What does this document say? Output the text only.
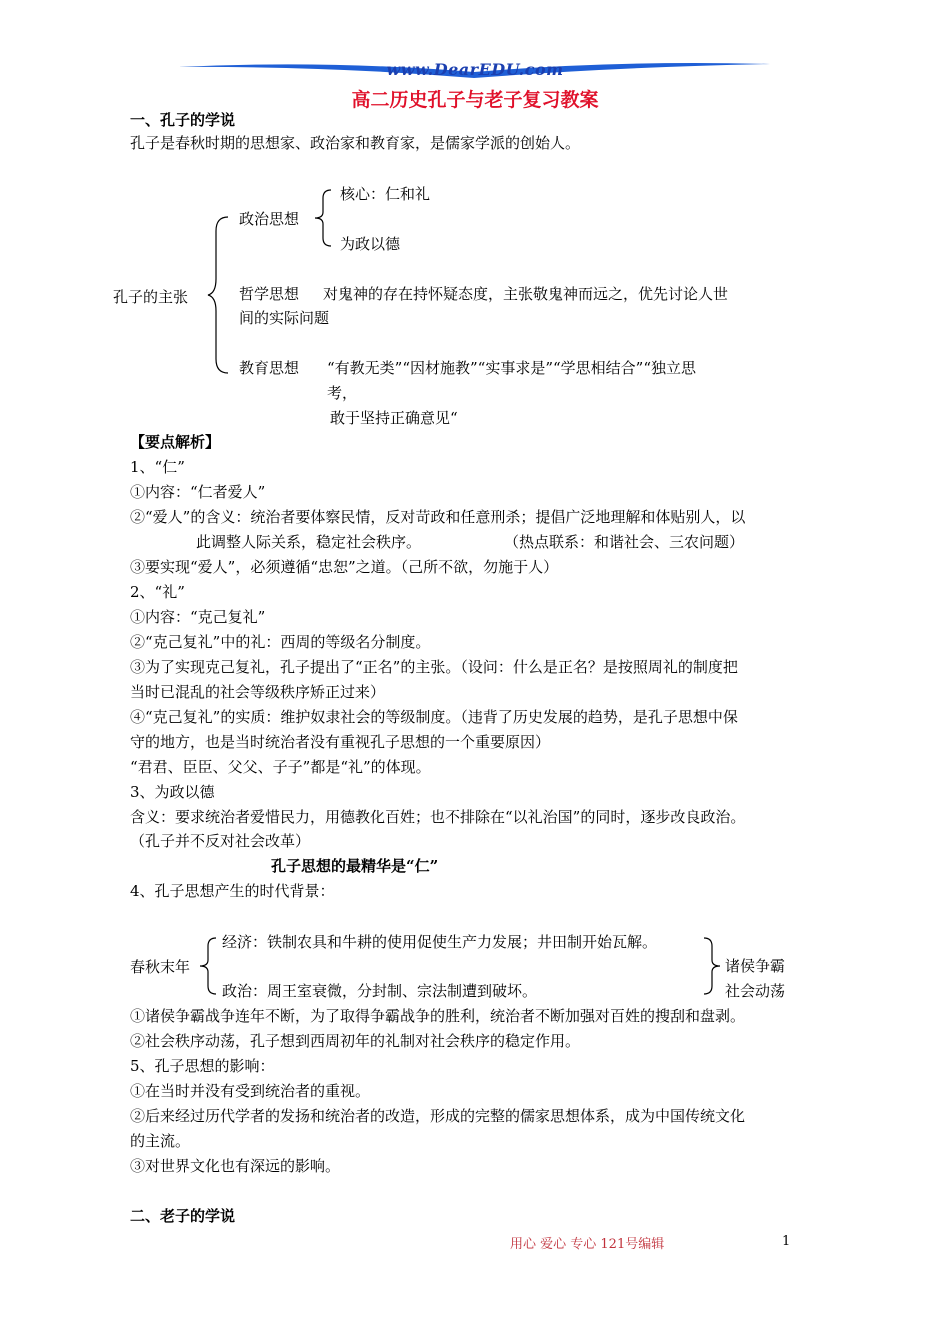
www.DearEDU.com
高二历史孔子与老子复习教案
一、孔子的学说
孔子是春秋时期的思想家、政治家和教育家，是儒家学派的创始人。
孔子的主张
政治思想
核心：仁和礼
为政以德
哲学思想 对鬼神的存在持怀疑态度，主张敬鬼神而远之，优先讨论人世
间的实际问题
教育思想 “有教无类”“因材施教”“实事求是”“学思相结合”“独立思
考，
敢于坚持正确意见“
【要点解析】
1、“仁”
①内容：“仁者爱人”
②“爱人”的含义：统治者要体察民情，反对苛政和任意刑杀；提倡广泛地理解和体贴别人，以
此调整人际关系，稳定社会秩序。	（热点联系：和谐社会、三农问题）
③要实现“爱人”，必须遵循“忠恕”之道。（己所不欲，勿施于人）
2、“礼”
①内容：“克己复礼”
②“克己复礼”中的礼：西周的等级名分制度。
③为了实现克己复礼，孔子提出了“正名”的主张。（设问：什么是正名？是按照周礼的制度把
当时已混乱的社会等级秩序矫正过来）
④“克己复礼”的实质：维护奴隶社会的等级制度。（违背了历史发展的趋势，是孔子思想中保
守的地方，也是当时统治者没有重视孔子思想的一个重要原因）
“君君、臣臣、父父、子子”都是“礼”的体现。
3、为政以德
含义：要求统治者爱惜民力，用德教化百姓；也不排除在“以礼治国”的同时，逐步改良政治。
（孔子并不反对社会改革）
孔子思想的最精华是“仁”
4、孔子思想产生的时代背景：
春秋末年
经济：铁制农具和牛耕的使用促使生产力发展；井田制开始瓦解。
政治：周王室衰微，分封制、宗法制遭到破坏。
诸侯争霸
社会动荡
①诸侯争霸战争连年不断，为了取得争霸战争的胜利，统治者不断加强对百姓的搜刮和盘剥。
②社会秩序动荡，孔子想到西周初年的礼制对社会秩序的稳定作用。
5、孔子思想的影响：
①在当时并没有受到统治者的重视。
②后来经过历代学者的发扬和统治者的改造，形成的完整的儒家思想体系，成为中国传统文化
的主流。
③对世界文化也有深远的影响。
二、老子的学说
用心 爱心 专心 121号编辑	1
